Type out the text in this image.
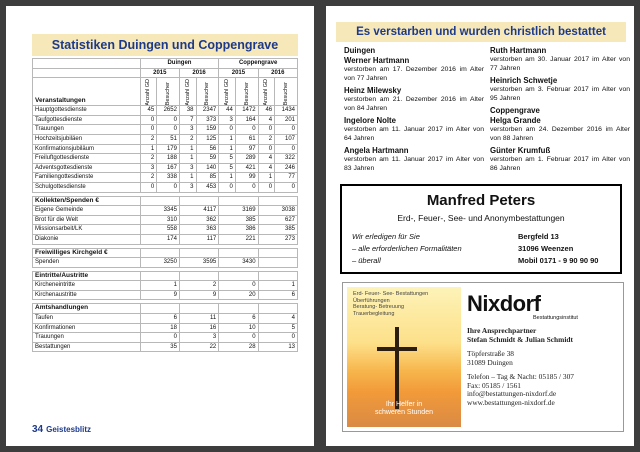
Statistiken Duingen und Coppengrave
	Duingen				Coppengrave			
	2015		2016		2015		2016	
Veranstaltungen	Anzahl GD	Besucher	Anzahl GD	Besucher	Anzahl GD	Besucher	Anzahl GD	Besucher

Hauptgottesdienste	45	2652	38	2347	44	1472	46	1434
Taufgottesdienste	0	0	7	373	3	164	4	201
Trauungen	0	0	3	159	0	0	0	0
Hochzeitsjubiläen	2	51	2	125	1	61	2	107
Konfirmationsjubiläum	1	179	1	56	1	97	0	0
Freiluftgottesdienste	2	188	1	59	5	289	4	322
Adventsgottesdienste	3	167	3	140	5	421	4	246
Familiengottesdienste	2	338	1	85	1	99	1	77
Schulgottesdienste	0	0	3	453	0	0	0	0

Kollekten/Spenden €								
Eigene Gemeinde	3345		4117		3169		3038	
Brot für die Welt	310		362		385		627	
Missionsarbeit/LK	558		363		386		385	
Diakonie	174		117		221		273	

Freiwilliges Kirchgeld €								
Spenden	3250		3595		3430			

Eintritte/Austritte								
Kircheneintritte	1		2		0		1	
Kirchenaustritte	9		9		20		6	

Amtshandlungen								
Taufen	6		11		6		4	
Konfirmationen	18		16		10		5	
Trauungen	0		3		0		0	
Bestattungen	35		22		28		13	
34 Geistesblitz
Es verstarben und wurden christlich bestattet
Duingen
Werner Hartmann
verstorben am 17. Dezember 2016 im Alter von 77 Jahren
Heinz Milewsky
verstorben am 21. Dezember 2016 im Alter von 84 Jahren
Ingelore Nolte
verstorben am 11. Januar 2017 im Alter von 64 Jahren
Angela Hartmann
verstorben am 11. Januar 2017 im Alter von 83 Jahren
Ruth Hartmann
verstorben am 30. Januar 2017 im Alter von 77 Jahren
Heinrich Schwetje
verstorben am 3. Februar 2017 im Alter von 95 Jahren
Coppengrave
Helga Grande
verstorben am 24. Dezember 2016 im Alter von 88 Jahren
Günter Krumfuß
verstorben am 1. Februar 2017 im Alter von 86 Jahren
Manfred Peters
Erd-, Feuer-, See- und Anonymbestattungen
Wir erledigen für Sie	Bergfeld 13
– alle erforderlichen Formalitäten	31096 Weenzen
– überall	Mobil 0171 - 9 90 90 90
Erd- Feuer- See- Bestattungen
Überführungen
Beratung- Betreuung
Trauerbegleitung
Ihr Helfer in
schweren Stunden
Nixdorf
Bestattungsinstitut
Ihre Ansprechpartner
Stefan Schmidt & Julian Schmidt
Töpferstraße 38
31089 Duingen
Telefon – Tag & Nacht: 05185 / 307
Fax: 05185 / 1561
info@bestattungen-nixdorf.de
www.bestattungen-nixdorf.de
